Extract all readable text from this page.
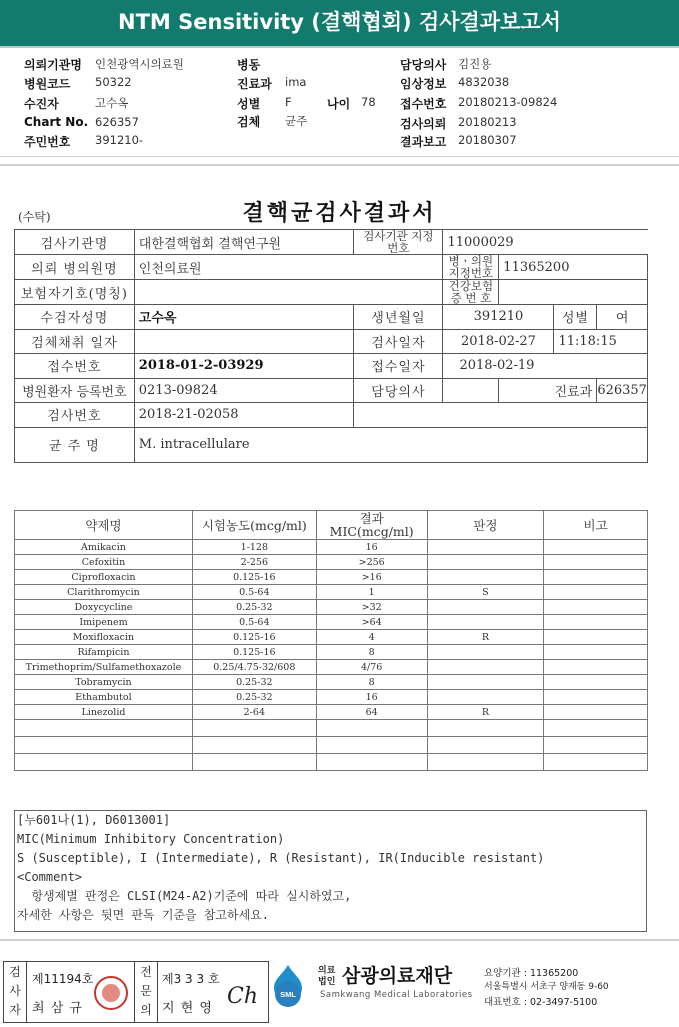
NTM Sensitivity (결핵협회) 검사결과보고서
의뢰기관명 인천광역시의료원
병원코드 50322
수진자	고수옥
Chart No. 626357
주민번호 391210-
병동
진료과 ima
성별 F	나이 78
검체 균주
담당의사 김진용
임상정보 4832038
접수번호 20180213-09824
검사의뢰 20180213
결과보고 20180307
(수탁)	결핵균검사결과서
검사기관명	대한결핵협회 결핵연구원	검사기관 지정번호	11000029			
의뢰 병의원명	인천의료원		병ㆍ의원 지정번호	11365200		
보험자기호(명칭)			건강보험 증 번 호			
수검자성명	고수옥	생년월일	391210		성별	여
검체채취 일자		검사일자	2018-02-27		11:18:15	
접수번호	2018-01-2-03929	접수일자	2018-02-19			
병원환자 등록번호	0213-09824	담당의사		진료과		626357
검사번호	2018-21-02058					
균 주 명	M. intracellulare					
약제명	시험농도(mcg/ml)	결과 MIC(mcg/ml)	판정	비고
Amikacin	1-128	16		
Cefoxitin	2-256	>256		
Ciprofloxacin	0.125-16	>16		
Clarithromycin	0.5-64	1	S	
Doxycycline	0.25-32	>32		
Imipenem	0.5-64	>64		
Moxifloxacin	0.125-16	4	R	
Rifampicin	0.125-16	8		
Trimethoprim/Sulfamethoxazole	0.25/4.75-32/608	4/76		
Tobramycin	0.25-32	8		
Ethambutol	0.25-32	16		
Linezolid	2-64	64	R	

[누601나(1), D6013001]
MIC(Minimum Inhibitory Concentration)
S (Susceptible), I (Intermediate), R (Resistant), IR(Inducible resistant)
<Comment>
항생제별 판정은 CLSI(M24-A2)기준에 따라 실시하였고,
자세한 사항은 뒷면 판독 기준을 참고하세요.
검
사
자
제11194호
최 삼 규
전
문
의
제3 3 3 호
지 현 영 Ch	SML
의료 법인 삼광의료재단
Samkwang Medical Laboratories
요양기관 : 11365200
서울특별시 서초구 양재동 9-60
대표번호 : 02-3497-5100
